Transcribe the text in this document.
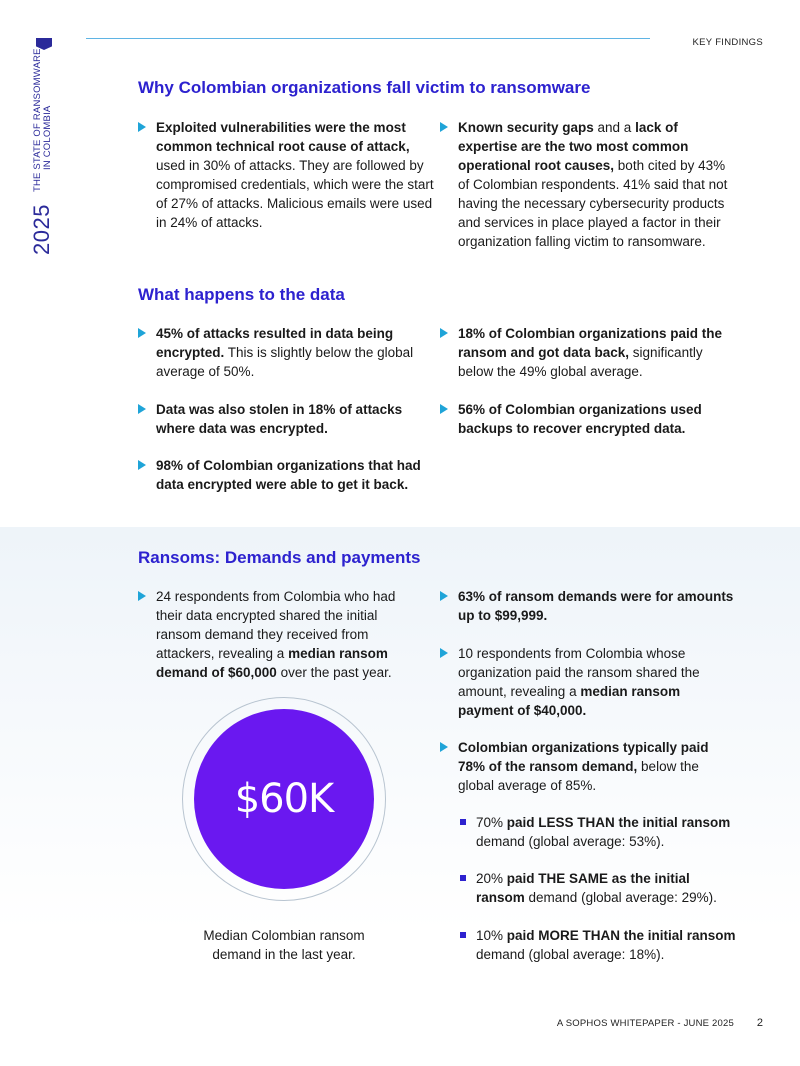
2025
THE STATE OF RANSOMWARE IN COLOMBIA
KEY FINDINGS
Why Colombian organizations fall victim to ransomware
Exploited vulnerabilities were the most common technical root cause of attack, used in 30% of attacks. They are followed by compromised credentials, which were the start of 27% of attacks. Malicious emails were used in 24% of attacks.
Known security gaps and a lack of expertise are the two most common operational root causes, both cited by 43% of Colombian respondents. 41% said that not having the necessary cybersecurity products and services in place played a factor in their organization falling victim to ransomware.
What happens to the data
45% of attacks resulted in data being encrypted. This is slightly below the global average of 50%.
Data was also stolen in 18% of attacks where data was encrypted.
98% of Colombian organizations that had data encrypted were able to get it back.
18% of Colombian organizations paid the ransom and got data back, significantly below the 49% global average.
56% of Colombian organizations used backups to recover encrypted data.
Ransoms: Demands and payments
24 respondents from Colombia who had their data encrypted shared the initial ransom demand they received from attackers, revealing a median ransom demand of $60,000 over the past year.
$60K
Median Colombian ransom demand in the last year.
63% of ransom demands were for amounts up to $99,999.
10 respondents from Colombia whose organization paid the ransom shared the amount, revealing a median ransom payment of $40,000.
Colombian organizations typically paid 78% of the ransom demand, below the global average of 85%.
70% paid LESS THAN the initial ransom demand (global average: 53%).
20% paid THE SAME as the initial ransom demand (global average: 29%).
10% paid MORE THAN the initial ransom demand (global average: 18%).
A SOPHOS WHITEPAPER - JUNE 2025 2
